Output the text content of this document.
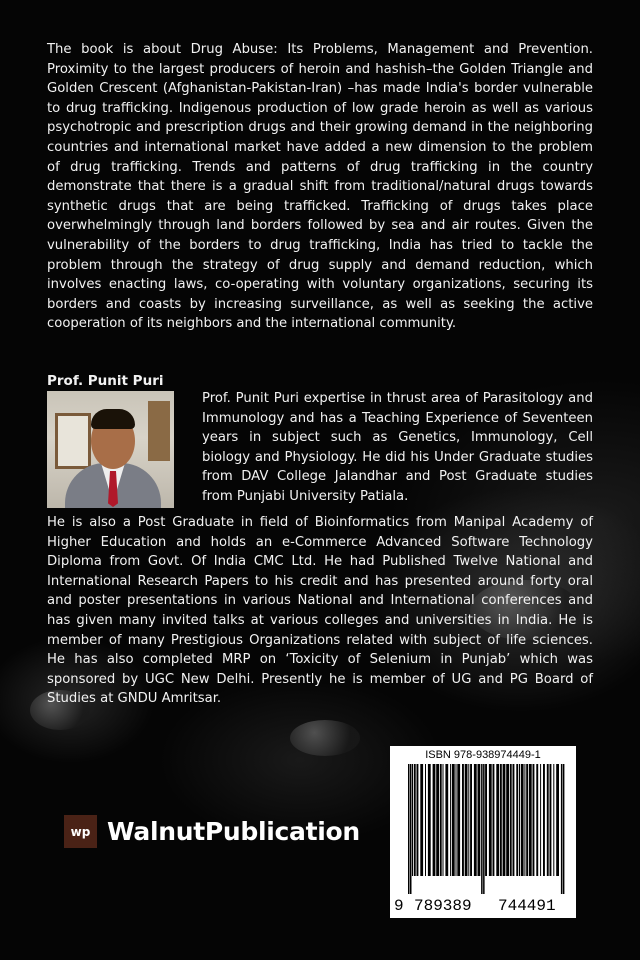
The book is about Drug Abuse: Its Problems, Management and Prevention. Proximity to the largest producers of heroin and hashish–the Golden Triangle and Golden Crescent (Afghanistan-Pakistan-Iran) –has made India's border vulnerable to drug trafficking. Indigenous production of low grade heroin as well as various psychotropic and prescription drugs and their growing demand in the neighboring countries and international market have added a new dimension to the problem of drug trafficking. Trends and patterns of drug trafficking in the country demonstrate that there is a gradual shift from traditional/natural drugs towards synthetic drugs that are being trafficked. Trafficking of drugs takes place overwhelmingly through land borders followed by sea and air routes. Given the vulnerability of the borders to drug trafficking, India has tried to tackle the problem through the strategy of drug supply and demand reduction, which involves enacting laws, co-operating with voluntary organizations, securing its borders and coasts by increasing surveillance, as well as seeking the active cooperation of its neighbors and the international community.

Prof. Punit Puri

Prof. Punit Puri expertise in thrust area of Parasitology and Immunology and has a Teaching Experience of Seventeen years in subject such as Genetics, Immunology, Cell biology and Physiology. He did his Under Graduate studies from DAV College Jalandhar and Post Graduate studies from Punjabi University Patiala.

He is also a Post Graduate in field of Bioinformatics from Manipal Academy of Higher Education and holds an e-Commerce Advanced Software Technology Diploma from Govt. Of India CMC Ltd. He had Published Twelve National and International Research Papers to his credit and has presented around forty oral and poster presentations in various National and International conferences and has given many invited talks at various colleges and universities in India. He is member of many Prestigious Organizations related with subject of life sciences. He has also completed MRP on ‘Toxicity of Selenium in Punjab’ which was sponsored by UGC New Delhi. Presently he is member of UG and PG Board of Studies at GNDU Amritsar.

wp WalnutPublication
ISBN 978-938974449-1
9 789389 744491
